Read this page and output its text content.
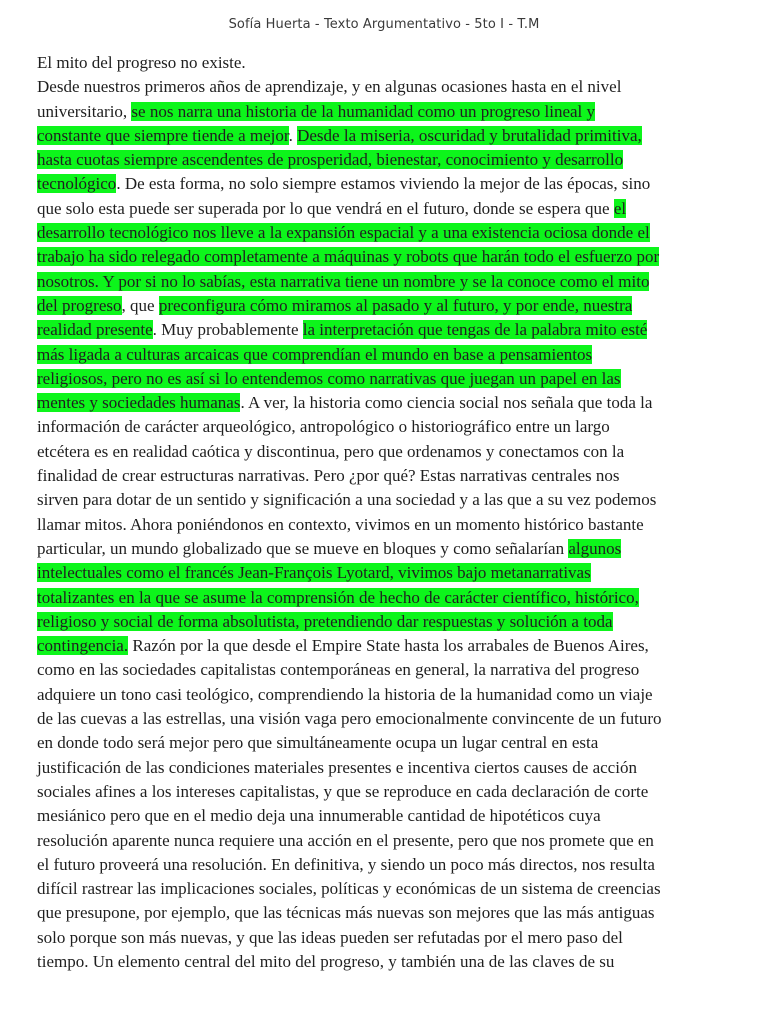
Sofía Huerta - Texto Argumentativo - 5to I - T.M
El mito del progreso no existe.
Desde nuestros primeros años de aprendizaje, y en algunas ocasiones hasta en el nivel
universitario, se nos narra una historia de la humanidad como un progreso lineal y
constante que siempre tiende a mejor. Desde la miseria, oscuridad y brutalidad primitiva,
hasta cuotas siempre ascendentes de prosperidad, bienestar, conocimiento y desarrollo
tecnológico. De esta forma, no solo siempre estamos viviendo la mejor de las épocas, sino
que solo esta puede ser superada por lo que vendrá en el futuro, donde se espera que el
desarrollo tecnológico nos lleve a la expansión espacial y a una existencia ociosa donde el
trabajo ha sido relegado completamente a máquinas y robots que harán todo el esfuerzo por
nosotros. Y por si no lo sabías, esta narrativa tiene un nombre y se la conoce como el mito
del progreso, que preconfigura cómo miramos al pasado y al futuro, y por ende, nuestra
realidad presente. Muy probablemente la interpretación que tengas de la palabra mito esté
más ligada a culturas arcaicas que comprendían el mundo en base a pensamientos
religiosos, pero no es así si lo entendemos como narrativas que juegan un papel en las
mentes y sociedades humanas. A ver, la historia como ciencia social nos señala que toda la
información de carácter arqueológico, antropológico o historiográfico entre un largo
etcétera es en realidad caótica y discontinua, pero que ordenamos y conectamos con la
finalidad de crear estructuras narrativas. Pero ¿por qué? Estas narrativas centrales nos
sirven para dotar de un sentido y significación a una sociedad y a las que a su vez podemos
llamar mitos. Ahora poniéndonos en contexto, vivimos en un momento histórico bastante
particular, un mundo globalizado que se mueve en bloques y como señalarían algunos
intelectuales como el francés Jean-François Lyotard, vivimos bajo metanarrativas
totalizantes en la que se asume la comprensión de hecho de carácter científico, histórico,
religioso y social de forma absolutista, pretendiendo dar respuestas y solución a toda
contingencia. Razón por la que desde el Empire State hasta los arrabales de Buenos Aires,
como en las sociedades capitalistas contemporáneas en general, la narrativa del progreso
adquiere un tono casi teológico, comprendiendo la historia de la humanidad como un viaje
de las cuevas a las estrellas, una visión vaga pero emocionalmente convincente de un futuro
en donde todo será mejor pero que simultáneamente ocupa un lugar central en esta
justificación de las condiciones materiales presentes e incentiva ciertos causes de acción
sociales afines a los intereses capitalistas, y que se reproduce en cada declaración de corte
mesiánico pero que en el medio deja una innumerable cantidad de hipotéticos cuya
resolución aparente nunca requiere una acción en el presente, pero que nos promete que en
el futuro proveerá una resolución. En definitiva, y siendo un poco más directos, nos resulta
difícil rastrear las implicaciones sociales, políticas y económicas de un sistema de creencias
que presupone, por ejemplo, que las técnicas más nuevas son mejores que las más antiguas
solo porque son más nuevas, y que las ideas pueden ser refutadas por el mero paso del
tiempo. Un elemento central del mito del progreso, y también una de las claves de su
